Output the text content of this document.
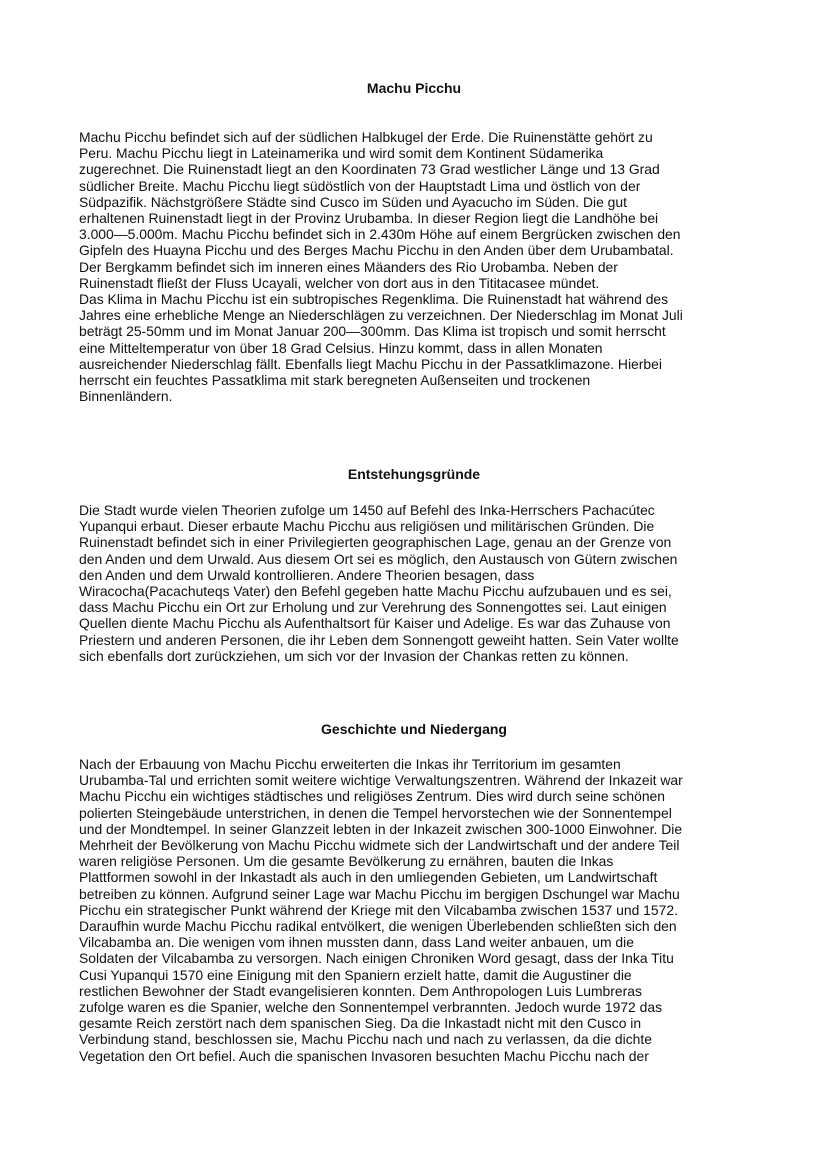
Machu Picchu
Machu Picchu befindet sich auf der südlichen Halbkugel der Erde. Die Ruinenstätte gehört zu
Peru. Machu Picchu liegt in Lateinamerika und wird somit dem Kontinent Südamerika
zugerechnet. Die Ruinenstadt liegt an den Koordinaten 73 Grad westlicher Länge und 13 Grad
südlicher Breite. Machu Picchu liegt südöstlich von der Hauptstadt Lima und östlich von der
Südpazifik. Nächstgrößere Städte sind Cusco im Süden und Ayacucho im Süden. Die gut
erhaltenen Ruinenstadt liegt in der Provinz Urubamba. In dieser Region liegt die Landhöhe bei
3.000—5.000m. Machu Picchu befindet sich in 2.430m Höhe auf einem Bergrücken zwischen den
Gipfeln des Huayna Picchu und des Berges Machu Picchu in den Anden über dem Urubambatal.
Der Bergkamm befindet sich im inneren eines Mäanders des Rio Urobamba. Neben der
Ruinenstadt fließt der Fluss Ucayali, welcher von dort aus in den Tititacasee mündet.
Das Klima in Machu Picchu ist ein subtropisches Regenklima. Die Ruinenstadt hat während des
Jahres eine erhebliche Menge an Niederschlägen zu verzeichnen. Der Niederschlag im Monat Juli
beträgt 25-50mm und im Monat Januar 200—300mm. Das Klima ist tropisch und somit herrscht
eine Mitteltemperatur von über 18 Grad Celsius. Hinzu kommt, dass in allen Monaten
ausreichender Niederschlag fällt. Ebenfalls liegt Machu Picchu in der Passatklimazone. Hierbei
herrscht ein feuchtes Passatklima mit stark beregneten Außenseiten und trockenen
Binnenländern.
Entstehungsgründe
Die Stadt wurde vielen Theorien zufolge um 1450 auf Befehl des Inka-Herrschers Pachacútec
Yupanqui erbaut. Dieser erbaute Machu Picchu aus religiösen und militärischen Gründen. Die
Ruinenstadt befindet sich in einer Privilegierten geographischen Lage, genau an der Grenze von
den Anden und dem Urwald. Aus diesem Ort sei es möglich, den Austausch von Gütern zwischen
den Anden und dem Urwald kontrollieren. Andere Theorien besagen, dass
Wiracocha(Pacachuteqs Vater) den Befehl gegeben hatte Machu Picchu aufzubauen und es sei,
dass Machu Picchu ein Ort zur Erholung und zur Verehrung des Sonnengottes sei. Laut einigen
Quellen diente Machu Picchu als Aufenthaltsort für Kaiser und Adelige. Es war das Zuhause von
Priestern und anderen Personen, die ihr Leben dem Sonnengott geweiht hatten. Sein Vater wollte
sich ebenfalls dort zurückziehen, um sich vor der Invasion der Chankas retten zu können.
Geschichte und Niedergang
Nach der Erbauung von Machu Picchu erweiterten die Inkas ihr Territorium im gesamten
Urubamba-Tal und errichten somit weitere wichtige Verwaltungszentren. Während der Inkazeit war
Machu Picchu ein wichtiges städtisches und religiöses Zentrum. Dies wird durch seine schönen
polierten Steingebäude unterstrichen, in denen die Tempel hervorstechen wie der Sonnentempel
und der Mondtempel. In seiner Glanzzeit lebten in der Inkazeit zwischen 300-1000 Einwohner. Die
Mehrheit der Bevölkerung von Machu Picchu widmete sich der Landwirtschaft und der andere Teil
waren religiöse Personen. Um die gesamte Bevölkerung zu ernähren, bauten die Inkas
Plattformen sowohl in der Inkastadt als auch in den umliegenden Gebieten, um Landwirtschaft
betreiben zu können. Aufgrund seiner Lage war Machu Picchu im bergigen Dschungel war Machu
Picchu ein strategischer Punkt während der Kriege mit den Vilcabamba zwischen 1537 und 1572.
Daraufhin wurde Machu Picchu radikal entvölkert, die wenigen Überlebenden schließten sich den
Vilcabamba an. Die wenigen vom ihnen mussten dann, dass Land weiter anbauen, um die
Soldaten der Vilcabamba zu versorgen. Nach einigen Chroniken Word gesagt, dass der Inka Titu
Cusi Yupanqui 1570 eine Einigung mit den Spaniern erzielt hatte, damit die Augustiner die
restlichen Bewohner der Stadt evangelisieren konnten. Dem Anthropologen Luis Lumbreras
zufolge waren es die Spanier, welche den Sonnentempel verbrannten. Jedoch wurde 1972 das
gesamte Reich zerstört nach dem spanischen Sieg. Da die Inkastadt nicht mit den Cusco in
Verbindung stand, beschlossen sie, Machu Picchu nach und nach zu verlassen, da die dichte
Vegetation den Ort befiel. Auch die spanischen Invasoren besuchten Machu Picchu nach der
